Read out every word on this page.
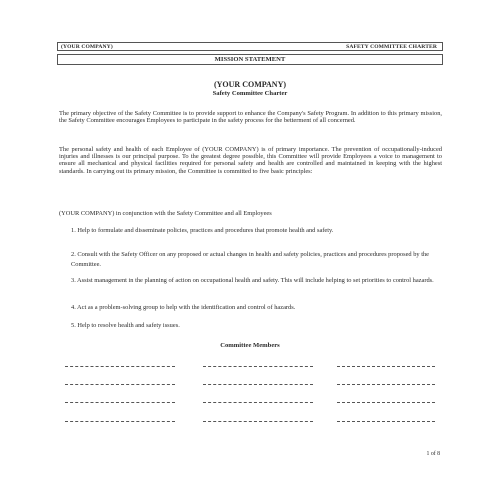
(YOUR COMPANY)	SAFETY COMMITTEE CHARTER
MISSION STATEMENT
(YOUR COMPANY)
Safety Committee Charter

The primary objective of the Safety Committee is to provide support to enhance the Company's Safety Program. In addition to this primary mission, the Safety Committee encourages Employees to participate in the safety process for the betterment of all concerned.

The personal safety and health of each Employee of (YOUR COMPANY) is of primary importance. The prevention of occupationally-induced injuries and illnesses is our principal purpose. To the greatest degree possible, this Committee will provide Employees a voice to management to ensure all mechanical and physical facilities required for personal safety and health are controlled and maintained in keeping with the highest standards. In carrying out its primary mission, the Committee is committed to five basic principles:

(YOUR COMPANY) in conjunction with the Safety Committee and all Employees

1. Help to formulate and disseminate policies, practices and procedures that promote health and safety.

2. Consult with the Safety Officer on any proposed or actual changes in health and safety policies, practices and procedures proposed by the Committee.

3. Assist management in the planning of action on occupational health and safety. This will include helping to set priorities to control hazards.

4. Act as a problem-solving group to help with the identification and control of hazards.

5. Help to resolve health and safety issues.

Committee Members
1 of 8
